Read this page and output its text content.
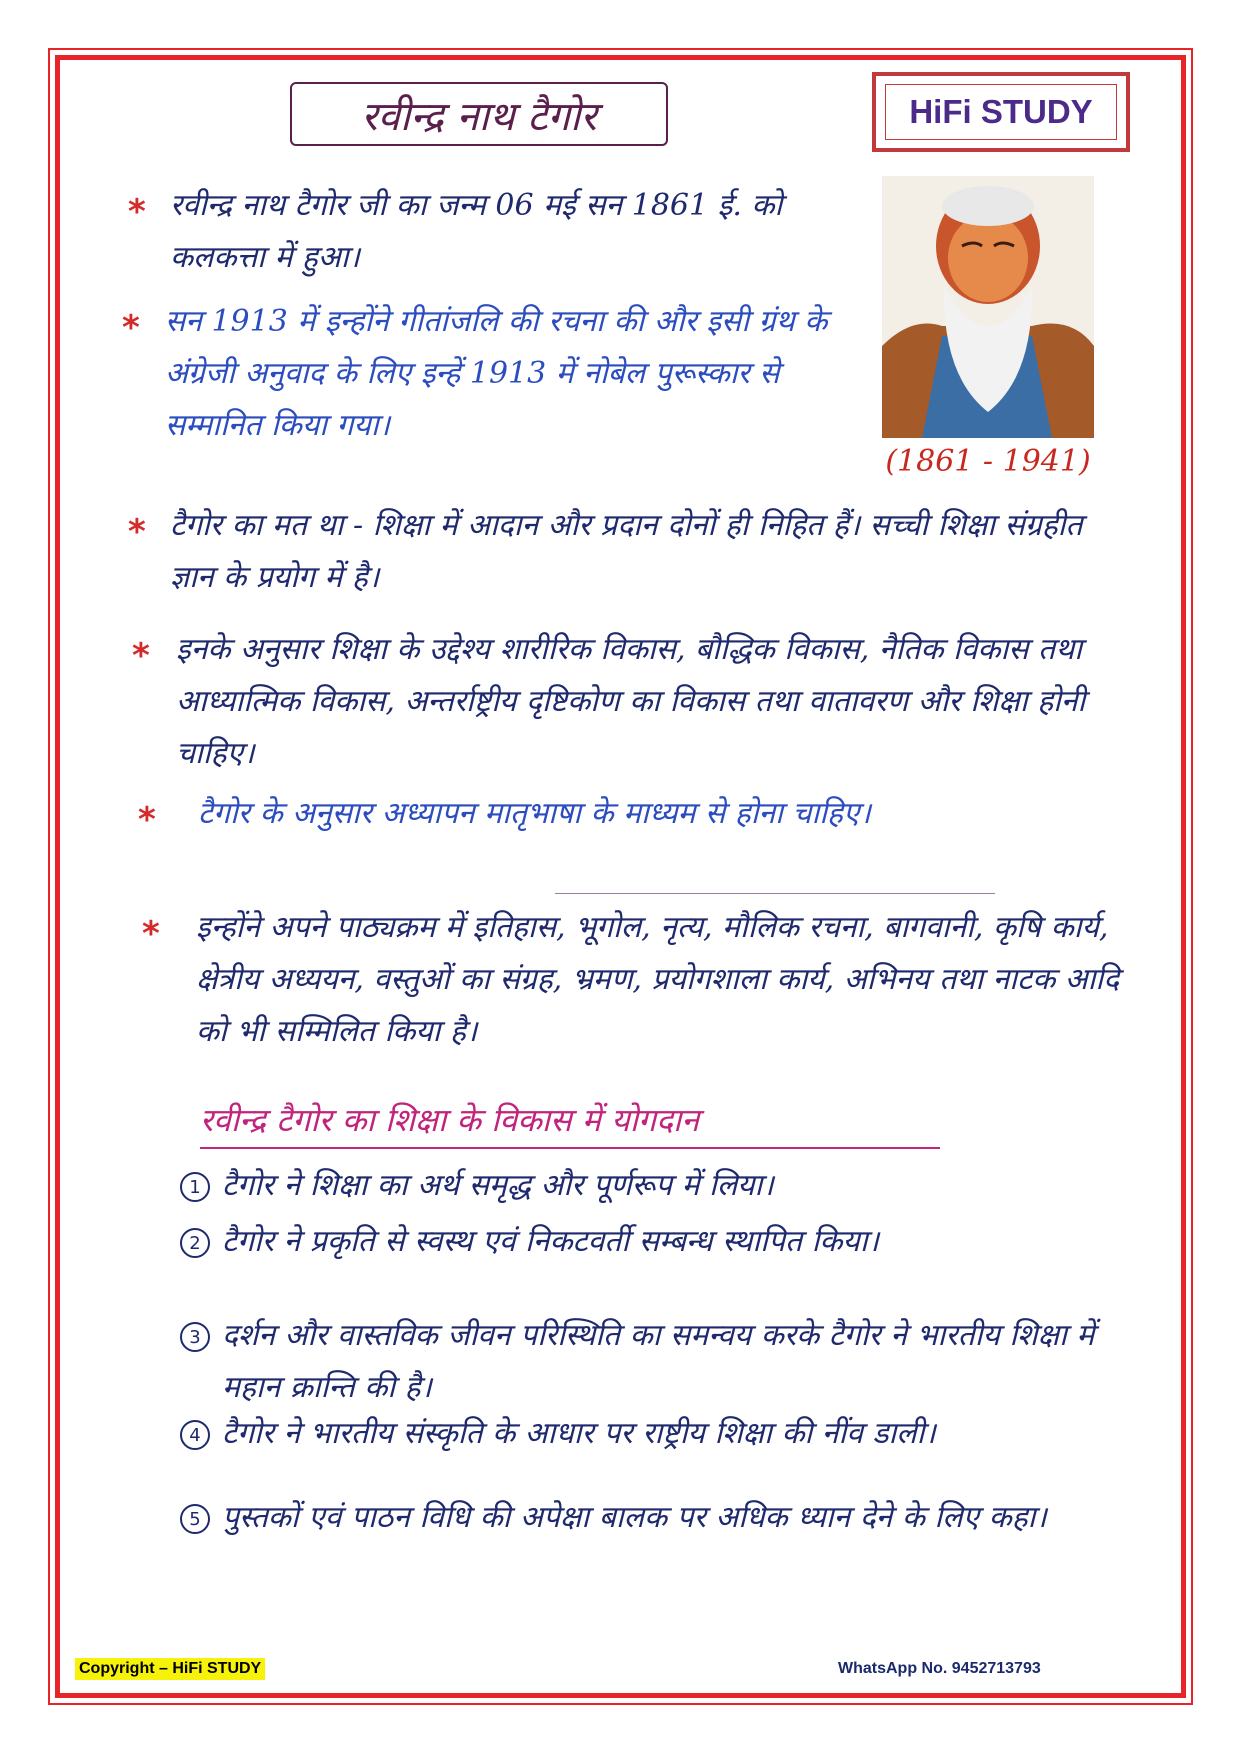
रवीन्द्र नाथ टैगोर	HiFi STUDY
(1861 - 1941)
* रवीन्द्र नाथ टैगोर जी का जन्म 06 मई सन 1861 ई. को कलकत्ता में हुआ।

* सन 1913 में इन्होंने गीतांजलि की रचना की और इसी ग्रंथ के अंग्रेजी अनुवाद के लिए इन्हें 1913 में नोबेल पुरूस्कार से सम्मानित किया गया।

* टैगोर का मत था - शिक्षा में आदान और प्रदान दोनों ही निहित हैं। सच्ची शिक्षा संग्रहीत ज्ञान के प्रयोग में है।

* इनके अनुसार शिक्षा के उद्देश्य शारीरिक विकास, बौद्धिक विकास, नैतिक विकास तथा आध्यात्मिक विकास, अन्तर्राष्ट्रीय दृष्टिकोण का विकास तथा वातावरण और शिक्षा होनी चाहिए।

* टैगोर के अनुसार अध्यापन मातृभाषा के माध्यम से होना चाहिए।

* इन्होंने अपने पाठ्यक्रम में इतिहास, भूगोल, नृत्य, मौलिक रचना, बागवानी, कृषि कार्य, क्षेत्रीय अध्ययन, वस्तुओं का संग्रह, भ्रमण, प्रयोगशाला कार्य, अभिनय तथा नाटक आदि को भी सम्मिलित किया है।

रवीन्द्र टैगोर का शिक्षा के विकास में योगदान
1 टैगोर ने शिक्षा का अर्थ समृद्ध और पूर्णरूप में लिया।

2 टैगोर ने प्रकृति से स्वस्थ एवं निकटवर्ती सम्बन्ध स्थापित किया।

3 दर्शन और वास्तविक जीवन परिस्थिति का समन्वय करके टैगोर ने भारतीय शिक्षा में महान क्रान्ति की है।

4 टैगोर ने भारतीय संस्कृति के आधार पर राष्ट्रीय शिक्षा की नींव डाली।

5 पुस्तकों एवं पाठन विधि की अपेक्षा बालक पर अधिक ध्यान देने के लिए कहा।

Copyright – HiFi STUDY	WhatsApp No. 9452713793
